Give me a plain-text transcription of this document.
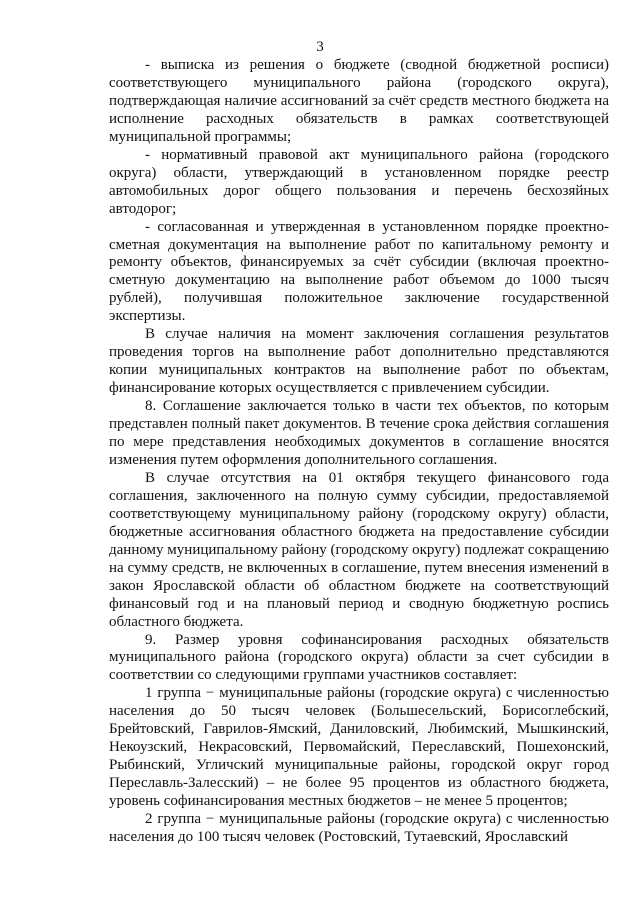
3

- выписка из решения о бюджете (сводной бюджетной росписи) соответствующего муниципального района (городского округа), подтверждающая наличие ассигнований за счёт средств местного бюджета на исполнение расходных обязательств в рамках соответствующей муниципальной программы;

- нормативный правовой акт муниципального района (городского округа) области, утверждающий в установленном порядке реестр автомобильных дорог общего пользования и перечень бесхозяйных автодорог;

- согласованная и утвержденная в установленном порядке проектно-сметная документация на выполнение работ по капитальному ремонту и ремонту объектов, финансируемых за счёт субсидии (включая проектно-сметную документацию на выполнение работ объемом до 1000 тысяч рублей), получившая положительное заключение государственной экспертизы.

В случае наличия на момент заключения соглашения результатов проведения торгов на выполнение работ дополнительно представляются копии муниципальных контрактов на выполнение работ по объектам, финансирование которых осуществляется с привлечением субсидии.

8. Соглашение заключается только в части тех объектов, по которым представлен полный пакет документов. В течение срока действия соглашения по мере представления необходимых документов в соглашение вносятся изменения путем оформления дополнительного соглашения.

В случае отсутствия на 01 октября текущего финансового года соглашения, заключенного на полную сумму субсидии, предоставляемой соответствующему муниципальному району (городскому округу) области, бюджетные ассигнования областного бюджета на предоставление субсидии данному муниципальному району (городскому округу) подлежат сокращению на сумму средств, не включенных в соглашение, путем внесения изменений в закон Ярославской области об областном бюджете на соответствующий финансовый год и на плановый период и сводную бюджетную роспись областного бюджета.

9. Размер уровня софинансирования расходных обязательств муниципального района (городского округа) области за счет субсидии в соответствии со следующими группами участников составляет:

1 группа − муниципальные районы (городские округа) с численностью населения до 50 тысяч человек (Большесельский, Борисоглебский, Брейтовский, Гаврилов-Ямский, Даниловский, Любимский, Мышкинский, Некоузский, Некрасовский, Первомайский, Переславский, Пошехонский, Рыбинский, Угличский муниципальные районы, городской округ город Переславль-Залесский) – не более 95 процентов из областного бюджета, уровень софинансирования местных бюджетов – не менее 5 процентов;

2 группа − муниципальные районы (городские округа) с численностью населения до 100 тысяч человек (Ростовский, Тутаевский, Ярославский
